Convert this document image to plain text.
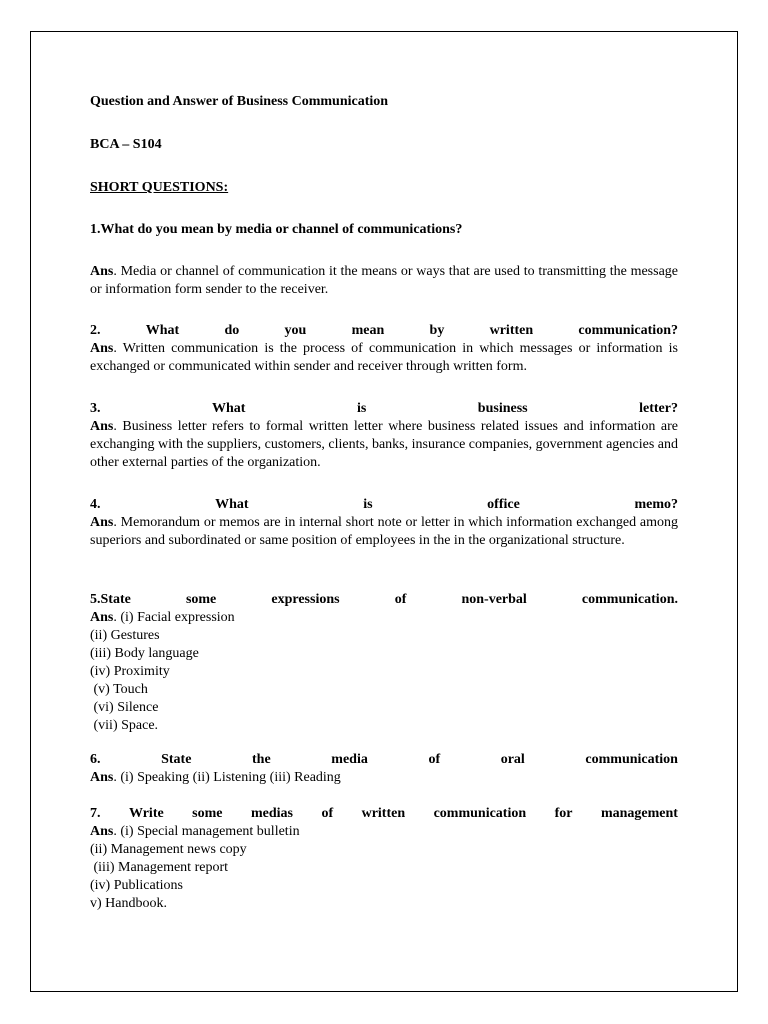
Question and Answer of Business Communication
BCA – S104
SHORT QUESTIONS:
1.What do you mean by media or channel of communications?
Ans. Media or channel of communication it the means or ways that are used to transmitting the message or information form sender to the receiver.
2.	What	do	you	mean	by	written	communication?
Ans. Written communication is the process of communication in which messages or information is exchanged or communicated within sender and receiver through written form.
3.	What	is	business	letter?
Ans. Business letter refers to formal written letter where business related issues and information are exchanging with the suppliers, customers, clients, banks, insurance companies, government agencies and other external parties of the organization.
4.	What	is	office	memo?
Ans. Memorandum or memos are in internal short note or letter in which information exchanged among superiors and subordinated or same position of employees in the in the organizational structure.
5.State	some	expressions	of	non-verbal	communication.
Ans. (i) Facial expression
(ii) Gestures
(iii) Body language
(iv) Proximity
(v) Touch
(vi) Silence
(vii) Space.
6.	State	the	media	of	oral	communication
Ans. (i) Speaking (ii) Listening (iii) Reading
7. Write some medias of written communication for management
Ans. (i) Special management bulletin
(ii) Management news copy
(iii) Management report
(iv) Publications
v) Handbook.
